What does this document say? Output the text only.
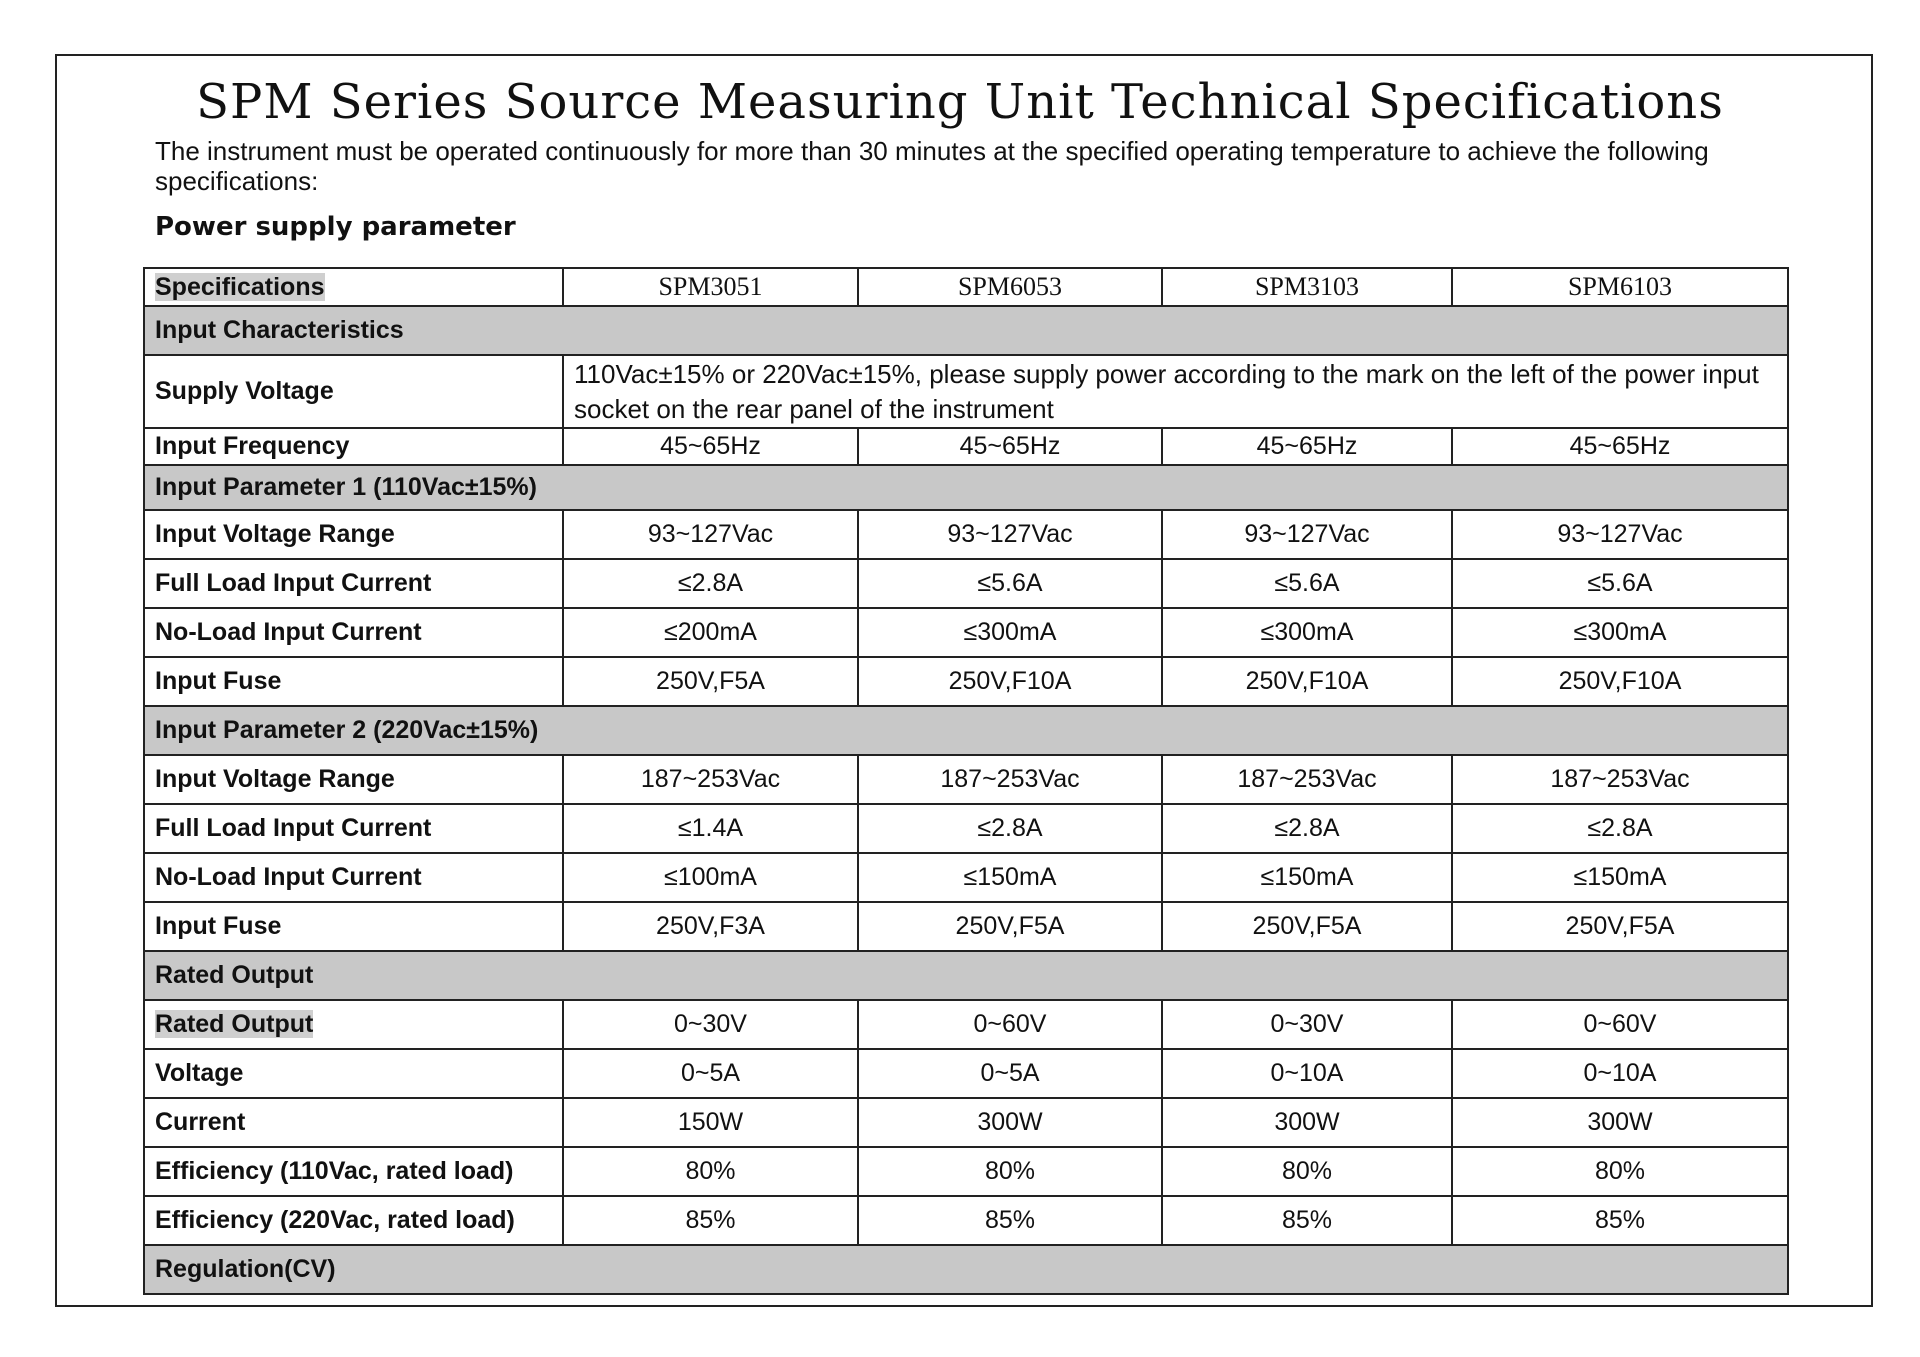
SPM Series Source Measuring Unit Technical Specifications

The instrument must be operated continuously for more than 30 minutes at the specified operating temperature to achieve the following specifications:

Power supply parameter

Specifications	SPM3051	SPM6053	SPM3103	SPM6103
Input Characteristics				
Supply Voltage	110Vac±15% or 220Vac±15%, please supply power according to the mark on the left of the power input socket on the rear panel of the instrument			
Input Frequency	45~65Hz	45~65Hz	45~65Hz	45~65Hz
Input Parameter 1 (110Vac±15%)				
Input Voltage Range	93~127Vac	93~127Vac	93~127Vac	93~127Vac
Full Load Input Current	≤2.8A	≤5.6A	≤5.6A	≤5.6A
No-Load Input Current	≤200mA	≤300mA	≤300mA	≤300mA
Input Fuse	250V,F5A	250V,F10A	250V,F10A	250V,F10A
Input Parameter 2 (220Vac±15%)				
Input Voltage Range	187~253Vac	187~253Vac	187~253Vac	187~253Vac
Full Load Input Current	≤1.4A	≤2.8A	≤2.8A	≤2.8A
No-Load Input Current	≤100mA	≤150mA	≤150mA	≤150mA
Input Fuse	250V,F3A	250V,F5A	250V,F5A	250V,F5A
Rated Output				
Rated Output	0~30V	0~60V	0~30V	0~60V
Voltage	0~5A	0~5A	0~10A	0~10A
Current	150W	300W	300W	300W
Efficiency (110Vac, rated load)	80%	80%	80%	80%
Efficiency (220Vac, rated load)	85%	85%	85%	85%
Regulation(CV)				
